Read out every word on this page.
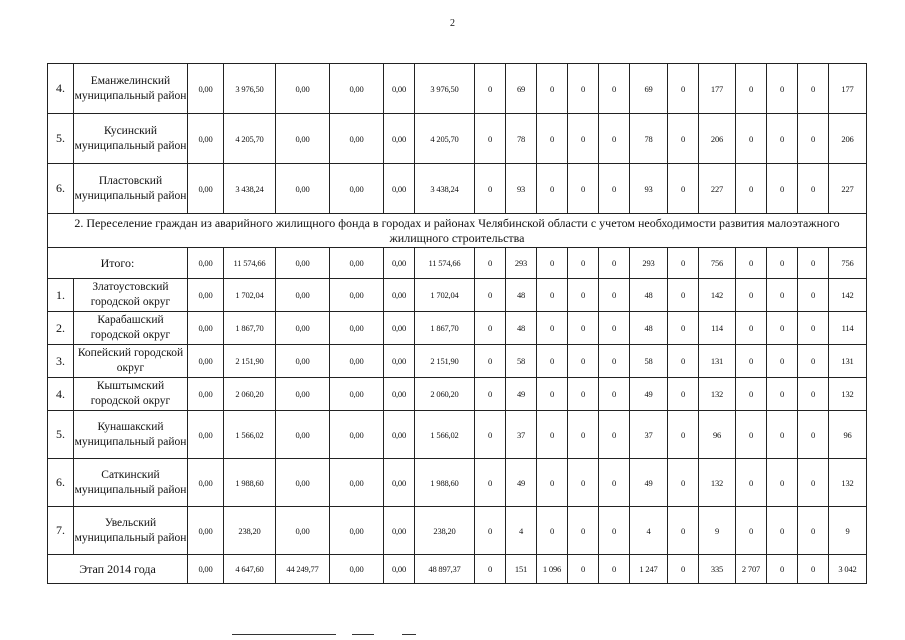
2
4.	Еманжелинский муниципальный район	0,00	3 976,50	0,00	0,00	0,00	3 976,50	0	69	0	0	0	69	0	177	0	0	0	177
5.	Кусинский муниципальный район	0,00	4 205,70	0,00	0,00	0,00	4 205,70	0	78	0	0	0	78	0	206	0	0	0	206
6.	Пластовский муниципальный район	0,00	3 438,24	0,00	0,00	0,00	3 438,24	0	93	0	0	0	93	0	227	0	0	0	227
2. Переселение граждан из аварийного жилищного фонда в городах и районах Челябинской области с учетом необходимости развития малоэтажного жилищного строительства																			
Итого:		0,00	11 574,66	0,00	0,00	0,00	11 574,66	0	293	0	0	0	293	0	756	0	0	0	756
1.	Златоустовский городской округ	0,00	1 702,04	0,00	0,00	0,00	1 702,04	0	48	0	0	0	48	0	142	0	0	0	142
2.	Карабашский городской округ	0,00	1 867,70	0,00	0,00	0,00	1 867,70	0	48	0	0	0	48	0	114	0	0	0	114
3.	Копейский городской округ	0,00	2 151,90	0,00	0,00	0,00	2 151,90	0	58	0	0	0	58	0	131	0	0	0	131
4.	Кыштымский городской округ	0,00	2 060,20	0,00	0,00	0,00	2 060,20	0	49	0	0	0	49	0	132	0	0	0	132
5.	Кунашакский муниципальный район	0,00	1 566,02	0,00	0,00	0,00	1 566,02	0	37	0	0	0	37	0	96	0	0	0	96
6.	Саткинский муниципальный район	0,00	1 988,60	0,00	0,00	0,00	1 988,60	0	49	0	0	0	49	0	132	0	0	0	132
7.	Увельский муниципальный район	0,00	238,20	0,00	0,00	0,00	238,20	0	4	0	0	0	4	0	9	0	0	0	9
Этап 2014 года		0,00	4 647,60	44 249,77	0,00	0,00	48 897,37	0	151	1 096	0	0	1 247	0	335	2 707	0	0	3 042
